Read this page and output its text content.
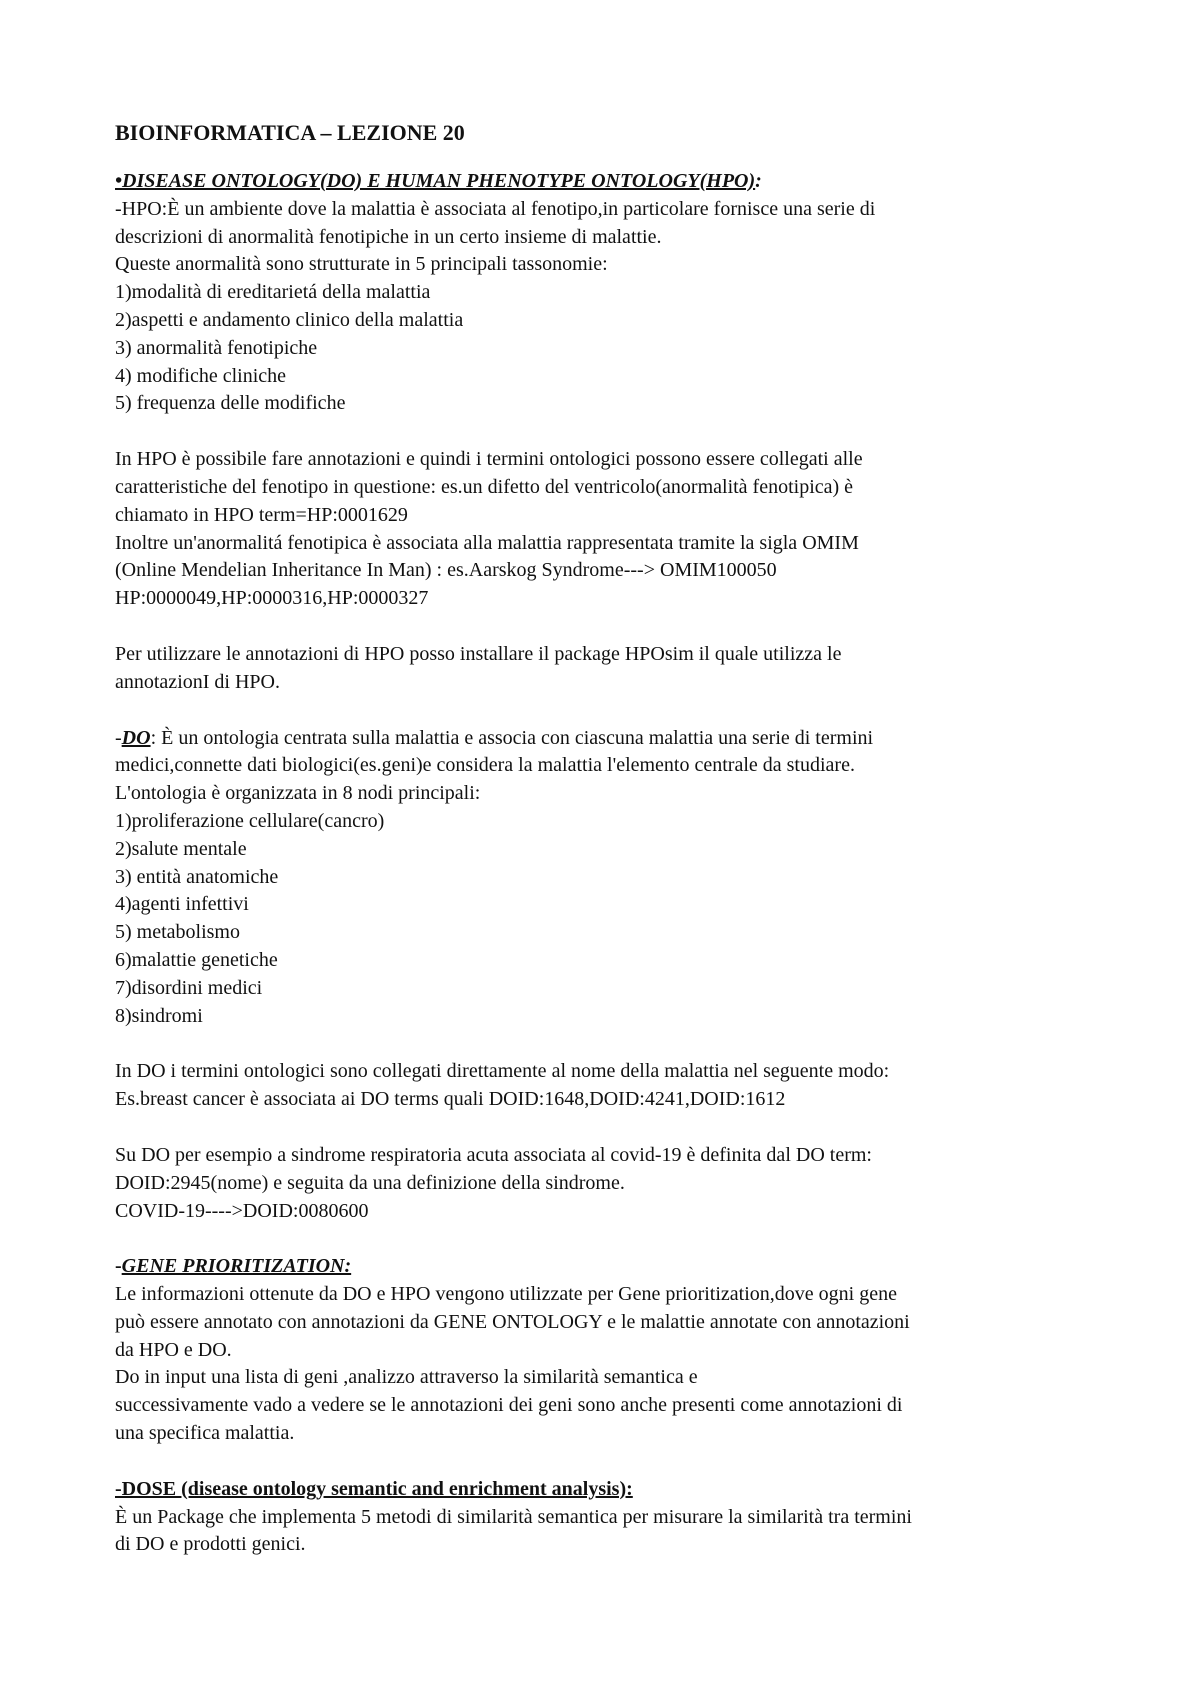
BIOINFORMATICA – LEZIONE 20

•DISEASE ONTOLOGY(DO) E HUMAN PHENOTYPE ONTOLOGY(HPO):

-HPO:È un ambiente dove la malattia è associata al fenotipo,in particolare fornisce una serie di

descrizioni di anormalità fenotipiche in un certo insieme di malattie.

Queste anormalità sono strutturate in 5 principali tassonomie:

1)modalità di ereditarietá della malattia

2)aspetti e andamento clinico della malattia

3) anormalità fenotipiche

4) modifiche cliniche

5) frequenza delle modifiche

In HPO è possibile fare annotazioni e quindi i termini ontologici possono essere collegati alle

caratteristiche del fenotipo in questione: es.un difetto del ventricolo(anormalità fenotipica) è

chiamato in HPO term=HP:0001629

Inoltre un'anormalitá fenotipica è associata alla malattia rappresentata tramite la sigla OMIM

(Online Mendelian Inheritance In Man) : es.Aarskog Syndrome---> OMIM100050

HP:0000049,HP:0000316,HP:0000327

Per utilizzare le annotazioni di HPO posso installare il package HPOsim il quale utilizza le

annotazionI di HPO.

-DO: È un ontologia centrata sulla malattia e associa con ciascuna malattia una serie di termini

medici,connette dati biologici(es.geni)e considera la malattia l'elemento centrale da studiare.

L'ontologia è organizzata in 8 nodi principali:

1)proliferazione cellulare(cancro)

2)salute mentale

3) entità anatomiche

4)agenti infettivi

5) metabolismo

6)malattie genetiche

7)disordini medici

8)sindromi

In DO i termini ontologici sono collegati direttamente al nome della malattia nel seguente modo:

Es.breast cancer è associata ai DO terms quali DOID:1648,DOID:4241,DOID:1612

Su DO per esempio a sindrome respiratoria acuta associata al covid-19 è definita dal DO term:

DOID:2945(nome) e seguita da una definizione della sindrome.

COVID-19---->DOID:0080600

-GENE PRIORITIZATION:

Le informazioni ottenute da DO e HPO vengono utilizzate per Gene prioritization,dove ogni gene

può essere annotato con annotazioni da GENE ONTOLOGY e le malattie annotate con annotazioni

da HPO e DO.

Do in input una lista di geni ,analizzo attraverso la similarità semantica e

successivamente vado a vedere se le annotazioni dei geni sono anche presenti come annotazioni di

una specifica malattia.

-DOSE (disease ontology semantic and enrichment analysis):

È un Package che implementa 5 metodi di similarità semantica per misurare la similarità tra termini

di DO e prodotti genici.
